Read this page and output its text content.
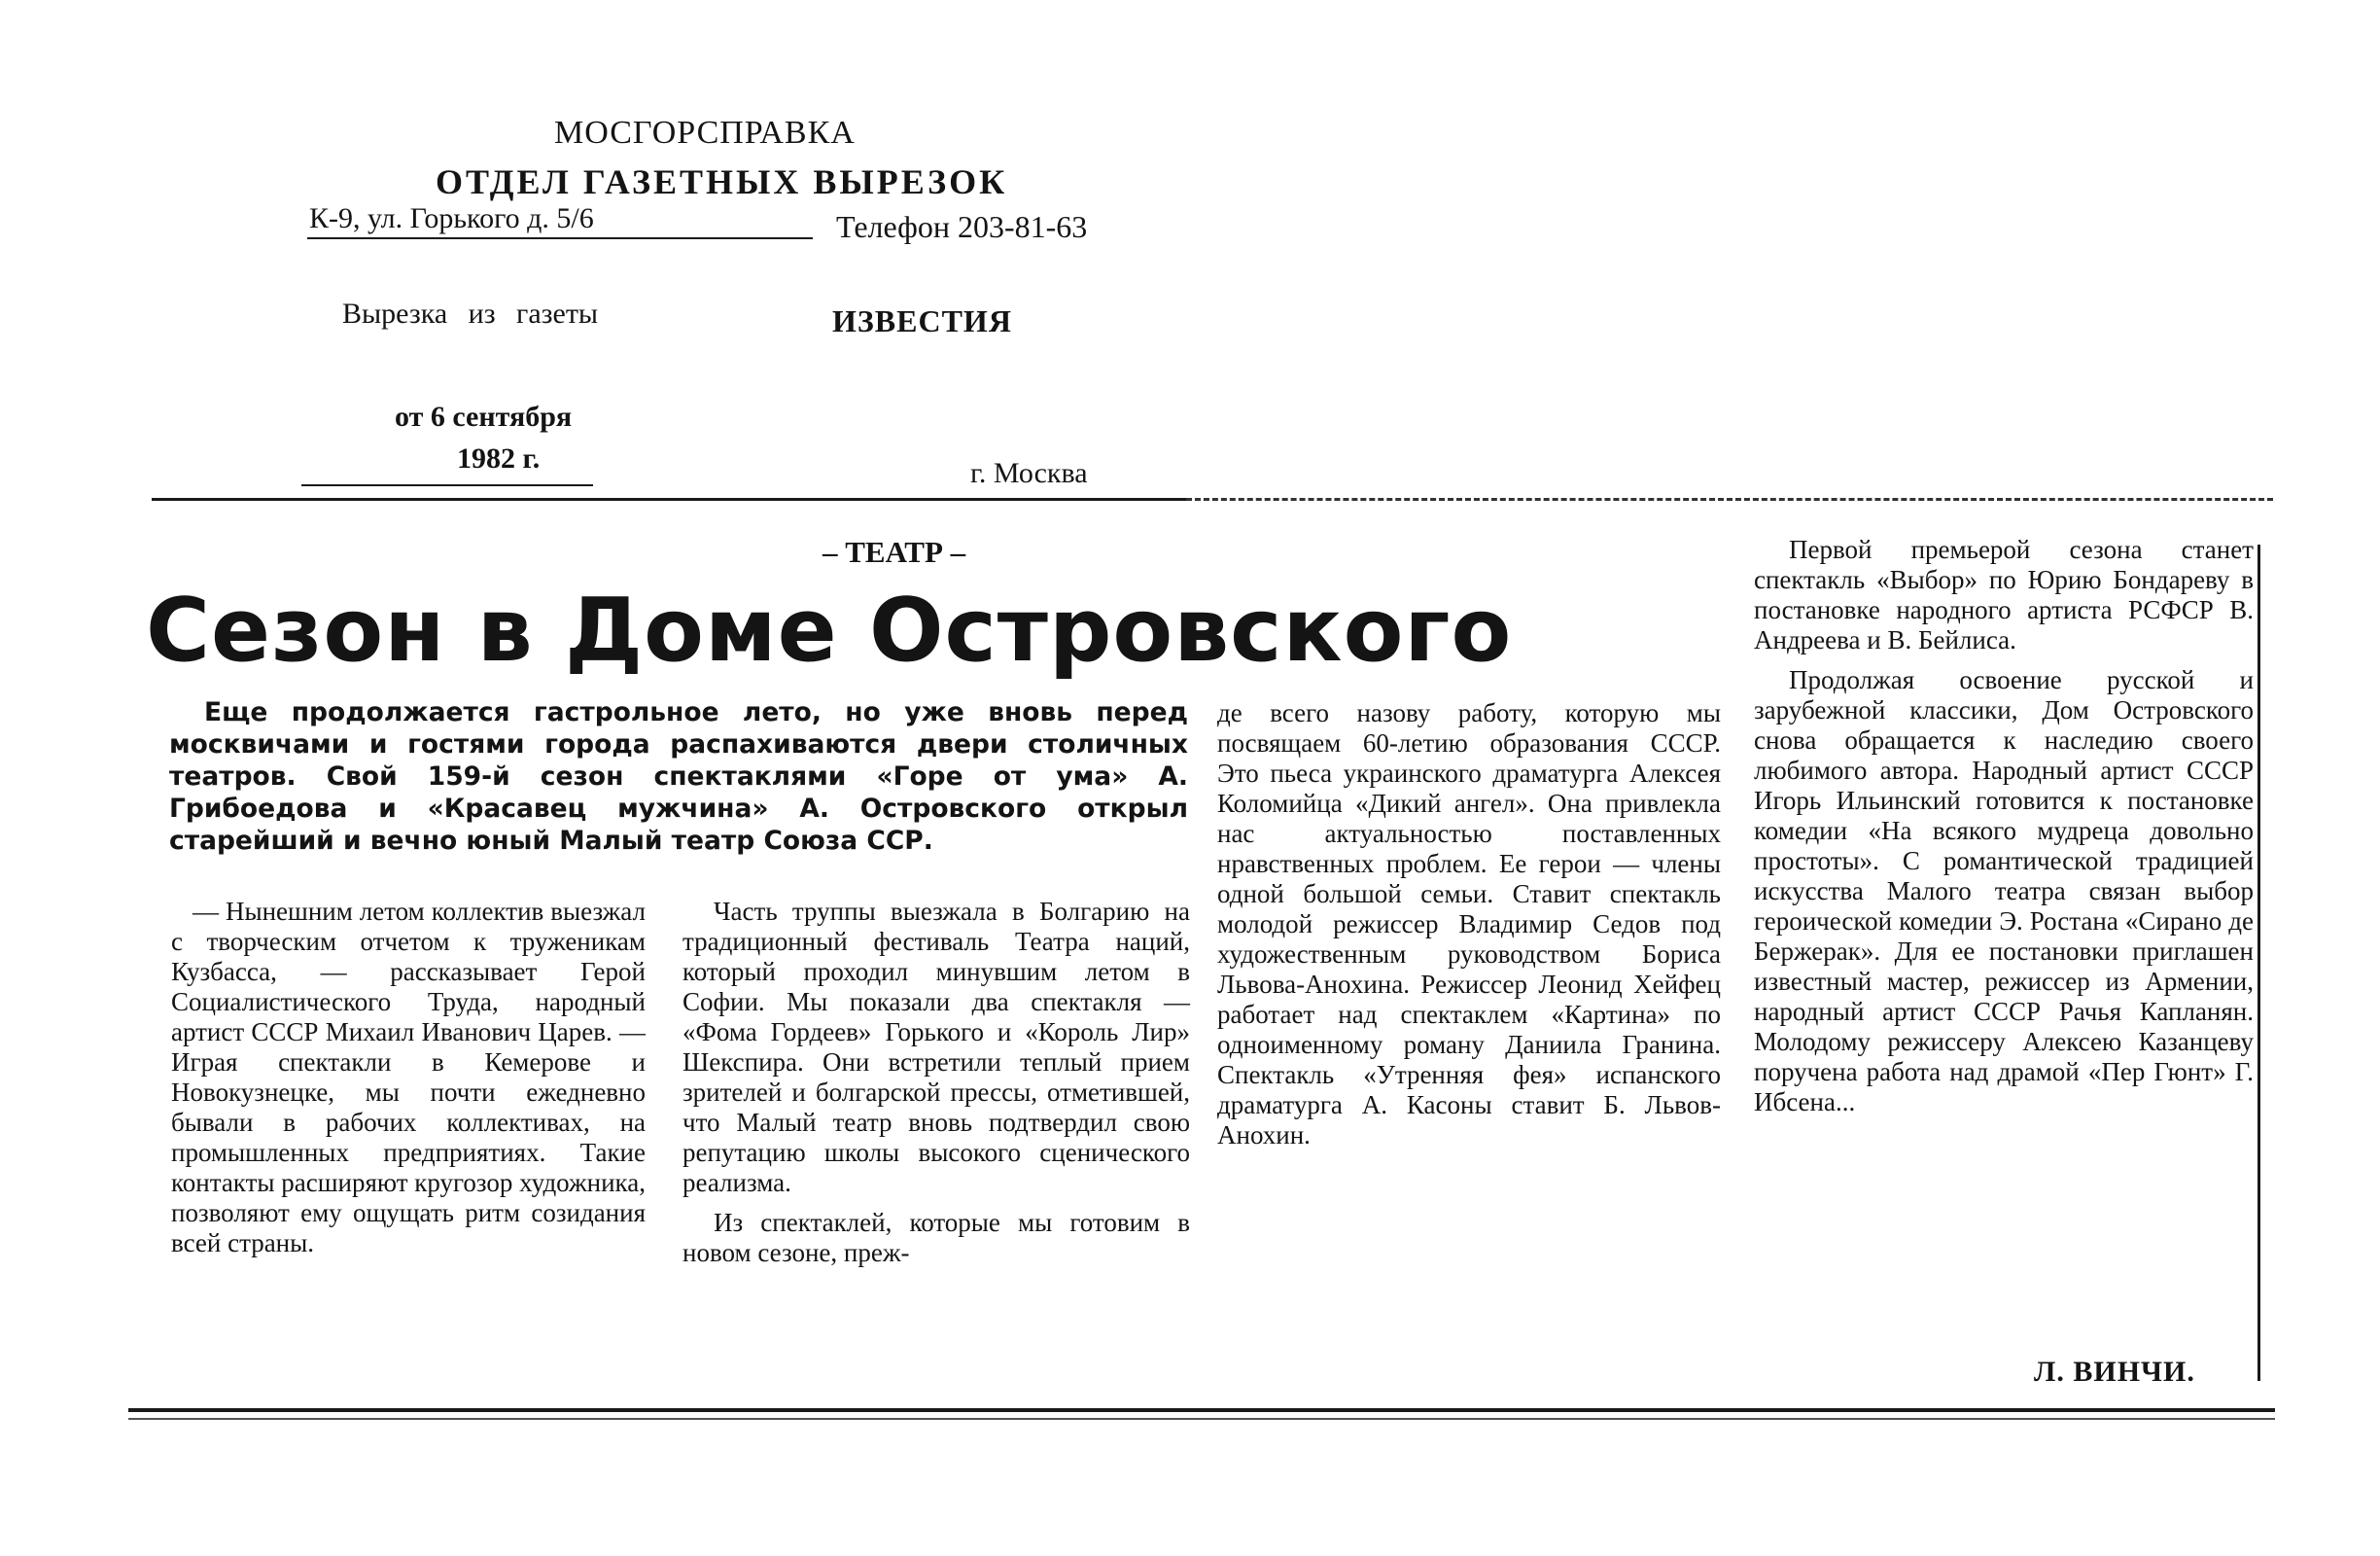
МОСГОРСПРАВКА
ОТДЕЛ ГАЗЕТНЫХ ВЫРЕЗОК
К-9, ул. Горького д. 5/6	Телефон 203-81-63
Вырезка из газеты	ИЗВЕСТИЯ
от 6 сентября
1982 г.	г. Москва
– ТЕАТР –
Сезон в Доме Островского
Еще продолжается гастрольное лето, но уже вновь перед москвичами и гостями города распахиваются двери столичных театров. Свой 159-й сезон спектаклями «Горе от ума» А. Грибоедова и «Красавец мужчина» А. Островского открыл старейший и вечно юный Малый театр Союза ССР.
— Нынешним летом коллектив выезжал с творческим отчетом к труженикам Кузбасса, — рассказывает Герой Социалистического Труда, народный артист СССР Михаил Иванович Царев. — Играя спектакли в Кемерове и Новокузнецке, мы почти ежедневно бывали в рабочих коллективах, на промышленных предприятиях. Такие контакты расширяют кругозор художника, позволяют ему ощущать ритм созидания всей страны.

Часть труппы выезжала в Болгарию на традиционный фестиваль Театра наций, который проходил минувшим летом в Софии. Мы показали два спектакля — «Фома Гордеев» Горького и «Король Лир» Шекспира. Они встретили теплый прием зрителей и болгарской прессы, отметившей, что Малый театр вновь подтвердил свою репутацию школы высокого сценического реализма.

Из спектаклей, которые мы готовим в новом сезоне, преж-

де всего назову работу, которую мы посвящаем 60-летию образования СССР. Это пьеса украинского драматурга Алексея Коломийца «Дикий ангел». Она привлекла нас актуальностью поставленных нравственных проблем. Ее герои — члены одной большой семьи. Ставит спектакль молодой режиссер Владимир Седов под художественным руководством Бориса Львова-Анохина. Режиссер Леонид Хейфец работает над спектаклем «Картина» по одноименному роману Даниила Гранина. Спектакль «Утренняя фея» испанского драматурга А. Касоны ставит Б. Львов-Анохин.

Первой премьерой сезона станет спектакль «Выбор» по Юрию Бондареву в постановке народного артиста РСФСР В. Андреева и В. Бейлиса.

Продолжая освоение русской и зарубежной классики, Дом Островского снова обращается к наследию своего любимого автора. Народный артист СССР Игорь Ильинский готовится к постановке комедии «На всякого мудреца довольно простоты». С романтической традицией искусства Малого театра связан выбор героической комедии Э. Ростана «Сирано де Бержерак». Для ее постановки приглашен известный мастер, режиссер из Армении, народный артист СССР Рачья Капланян. Молодому режиссеру Алексею Казанцеву поручена работа над драмой «Пер Гюнт» Г. Ибсена...

Л. ВИНЧИ.
